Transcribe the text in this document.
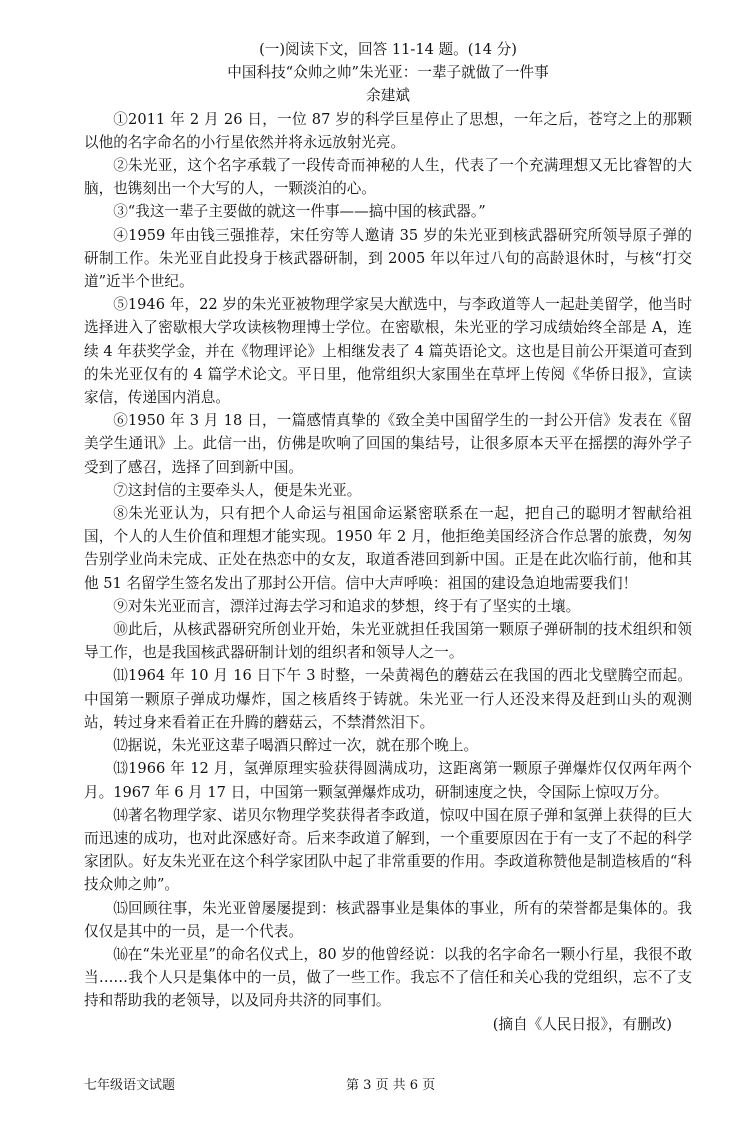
(一)阅读下文，回答 11-14 题。(14 分)

中国科技“众帅之帅”朱光亚：一辈子就做了一件事

余建斌

①2011 年 2 月 26 日，一位 87 岁的科学巨星停止了思想，一年之后，苍穹之上的那颗以他的名字命名的小行星依然并将永远放射光亮。

②朱光亚，这个名字承载了一段传奇而神秘的人生，代表了一个充满理想又无比睿智的大脑，也镌刻出一个大写的人，一颗淡泊的心。

③“我这一辈子主要做的就这一件事——搞中国的核武器。”

④1959 年由钱三强推荐，宋任穷等人邀请 35 岁的朱光亚到核武器研究所领导原子弹的研制工作。朱光亚自此投身于核武器研制，到 2005 年以年过八旬的高龄退休时，与核“打交道”近半个世纪。

⑤1946 年，22 岁的朱光亚被物理学家吴大猷选中，与李政道等人一起赴美留学，他当时选择进入了密歇根大学攻读核物理博士学位。在密歇根，朱光亚的学习成绩始终全部是 A，连续 4 年获奖学金，并在《物理评论》上相继发表了 4 篇英语论文。这也是目前公开渠道可查到的朱光亚仅有的 4 篇学术论文。平日里，他常组织大家围坐在草坪上传阅《华侨日报》，宣读家信，传递国内消息。

⑥1950 年 3 月 18 日，一篇感情真挚的《致全美中国留学生的一封公开信》发表在《留美学生通讯》上。此信一出，仿佛是吹响了回国的集结号，让很多原本天平在摇摆的海外学子受到了感召，选择了回到新中国。

⑦这封信的主要牵头人，便是朱光亚。

⑧朱光亚认为，只有把个人命运与祖国命运紧密联系在一起，把自己的聪明才智献给祖国，个人的人生价值和理想才能实现。1950 年 2 月，他拒绝美国经济合作总署的旅费，匆匆告别学业尚未完成、正处在热恋中的女友，取道香港回到新中国。正是在此次临行前，他和其他 51 名留学生签名发出了那封公开信。信中大声呼唤：祖国的建设急迫地需要我们！

⑨对朱光亚而言，漂洋过海去学习和追求的梦想，终于有了坚实的土壤。

⑩此后，从核武器研究所创业开始，朱光亚就担任我国第一颗原子弹研制的技术组织和领导工作，也是我国核武器研制计划的组织者和领导人之一。

⑾1964 年 10 月 16 日下午 3 时整，一朵黄褐色的蘑菇云在我国的西北戈壁腾空而起。中国第一颗原子弹成功爆炸，国之核盾终于铸就。朱光亚一行人还没来得及赶到山头的观测站，转过身来看着正在升腾的蘑菇云，不禁潸然泪下。

⑿据说，朱光亚这辈子喝酒只醉过一次，就在那个晚上。

⒀1966 年 12 月，氢弹原理实验获得圆满成功，这距离第一颗原子弹爆炸仅仅两年两个月。1967 年 6 月 17 日，中国第一颗氢弹爆炸成功，研制速度之快，令国际上惊叹万分。

⒁著名物理学家、诺贝尔物理学奖获得者李政道，惊叹中国在原子弹和氢弹上获得的巨大而迅速的成功，也对此深感好奇。后来李政道了解到，一个重要原因在于有一支了不起的科学家团队。好友朱光亚在这个科学家团队中起了非常重要的作用。李政道称赞他是制造核盾的“科技众帅之帅”。

⒂回顾往事，朱光亚曾屡屡提到：核武器事业是集体的事业，所有的荣誉都是集体的。我仅仅是其中的一员，是一个代表。

⒃在“朱光亚星”的命名仪式上，80 岁的他曾经说：以我的名字命名一颗小行星，我很不敢当……我个人只是集体中的一员，做了一些工作。我忘不了信任和关心我的党组织，忘不了支持和帮助我的老领导，以及同舟共济的同事们。

(摘自《人民日报》，有删改)

七年级语文试题	第 3 页 共 6 页
